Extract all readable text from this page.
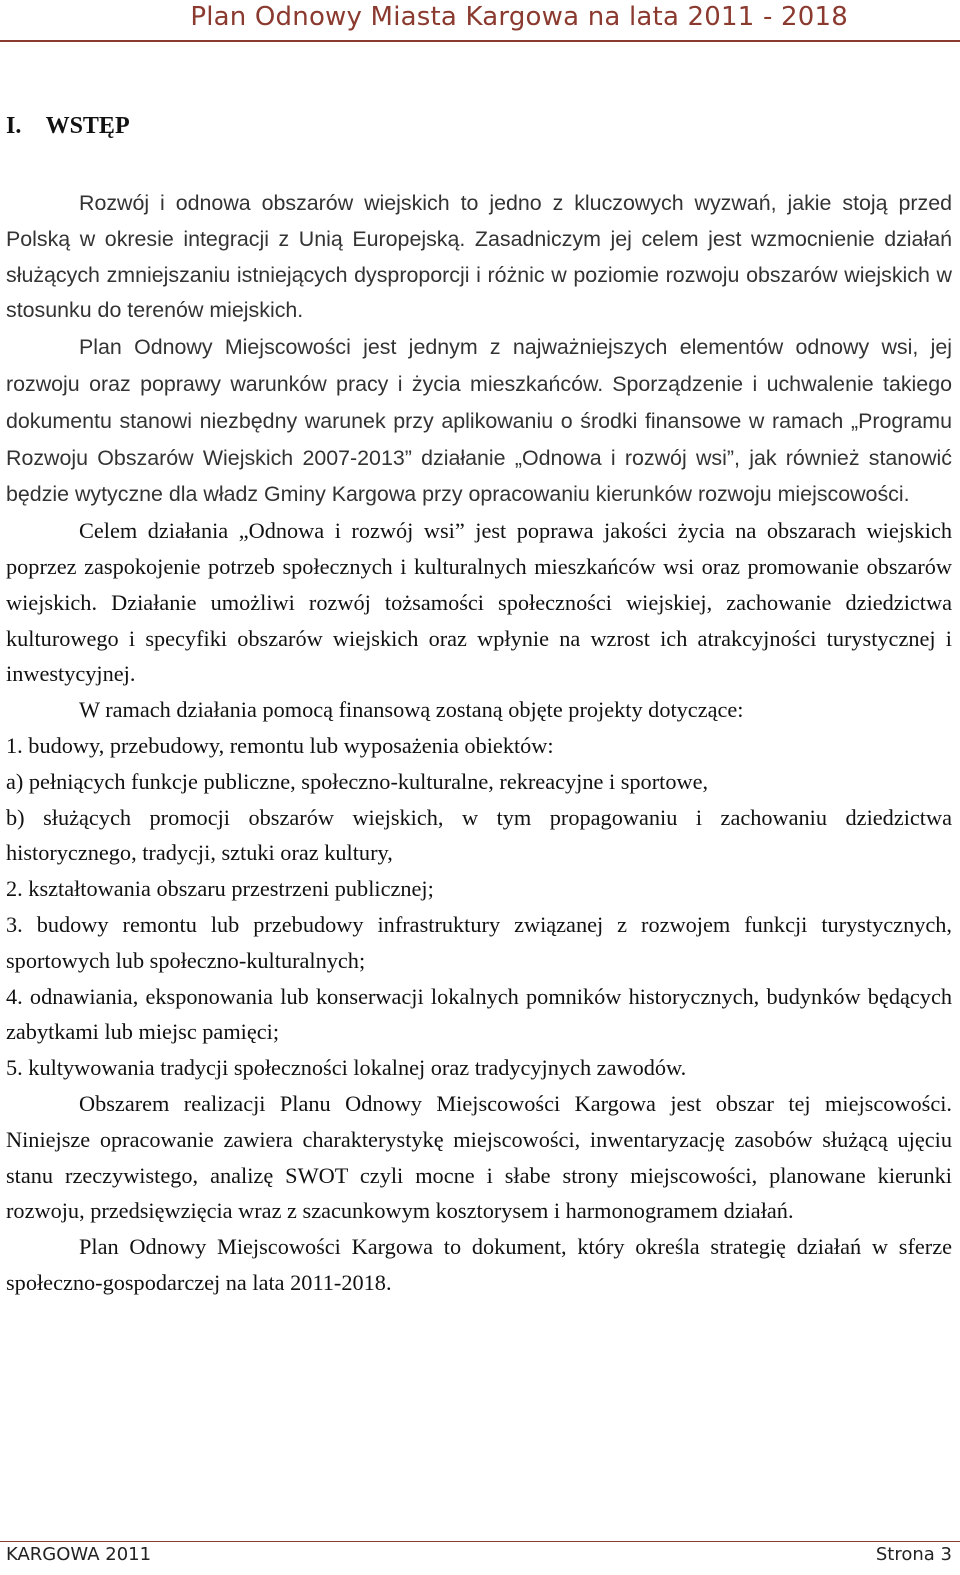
Plan Odnowy Miasta Kargowa na lata 2011 - 2018
I. WSTĘP

Rozwój i odnowa obszarów wiejskich to jedno z kluczowych wyzwań, jakie stoją przed Polską w okresie integracji z Unią Europejską. Zasadniczym jej celem jest wzmocnienie działań służących zmniejszaniu istniejących dysproporcji i różnic w poziomie rozwoju obszarów wiejskich w stosunku do terenów miejskich.

Plan Odnowy Miejscowości jest jednym z najważniejszych elementów odnowy wsi, jej rozwoju oraz poprawy warunków pracy i życia mieszkańców. Sporządzenie i uchwalenie takiego dokumentu stanowi niezbędny warunek przy aplikowaniu o środki finansowe w ramach „Programu Rozwoju Obszarów Wiejskich 2007-2013” działanie „Odnowa i rozwój wsi”, jak również stanowić będzie wytyczne dla władz Gminy Kargowa przy opracowaniu kierunków rozwoju miejscowości.

Celem działania „Odnowa i rozwój wsi” jest poprawa jakości życia na obszarach wiejskich poprzez zaspokojenie potrzeb społecznych i kulturalnych mieszkańców wsi oraz promowanie obszarów wiejskich. Działanie umożliwi rozwój tożsamości społeczności wiejskiej, zachowanie dziedzictwa kulturowego i specyfiki obszarów wiejskich oraz wpłynie na wzrost ich atrakcyjności turystycznej i inwestycyjnej.

W ramach działania pomocą finansową zostaną objęte projekty dotyczące:

1. budowy, przebudowy, remontu lub wyposażenia obiektów:

a) pełniących funkcje publiczne, społeczno-kulturalne, rekreacyjne i sportowe,

b) służących promocji obszarów wiejskich, w tym propagowaniu i zachowaniu dziedzictwa historycznego, tradycji, sztuki oraz kultury,

2. kształtowania obszaru przestrzeni publicznej;

3. budowy remontu lub przebudowy infrastruktury związanej z rozwojem funkcji turystycznych, sportowych lub społeczno-kulturalnych;

4. odnawiania, eksponowania lub konserwacji lokalnych pomników historycznych, budynków będących zabytkami lub miejsc pamięci;

5. kultywowania tradycji społeczności lokalnej oraz tradycyjnych zawodów.

Obszarem realizacji Planu Odnowy Miejscowości Kargowa jest obszar tej miejscowości. Niniejsze opracowanie zawiera charakterystykę miejscowości, inwentaryzację zasobów służącą ujęciu stanu rzeczywistego, analizę SWOT czyli mocne i słabe strony miejscowości, planowane kierunki rozwoju, przedsięwzięcia wraz z szacunkowym kosztorysem i harmonogramem działań.

Plan Odnowy Miejscowości Kargowa to dokument, który określa strategię działań w sferze społeczno-gospodarczej na lata 2011-2018.

KARGOWA 2011	Strona 3
